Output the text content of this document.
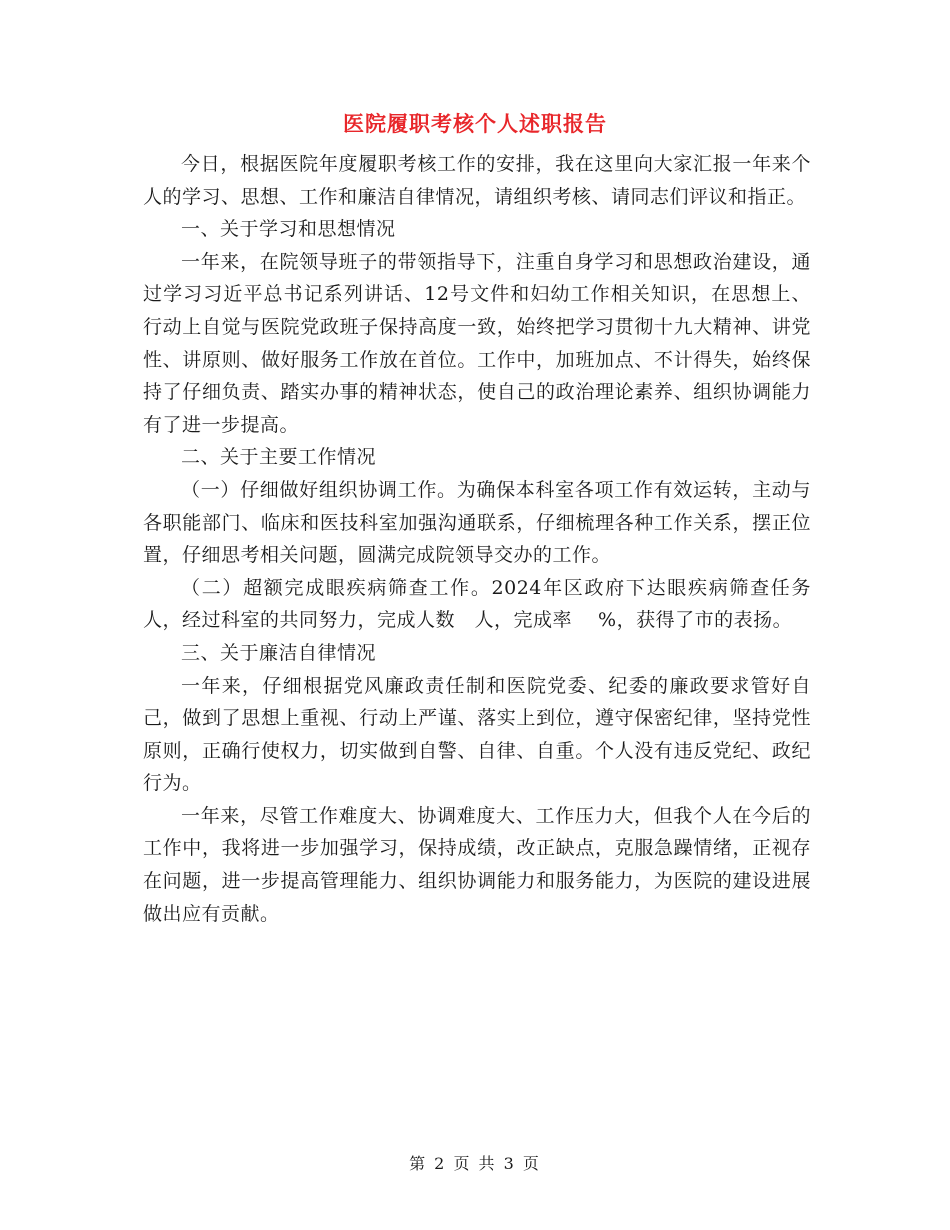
医院履职考核个人述职报告

今日，根据医院年度履职考核工作的安排，我在这里向大家汇报一年来个人的学习、思想、工作和廉洁自律情况，请组织考核、请同志们评议和指正。

一、关于学习和思想情况

一年来，在院领导班子的带领指导下，注重自身学习和思想政治建设，通过学习习近平总书记系列讲话、12号文件和妇幼工作相关知识，在思想上、行动上自觉与医院党政班子保持高度一致，始终把学习贯彻十九大精神、讲党性、讲原则、做好服务工作放在首位。工作中，加班加点、不计得失，始终保持了仔细负责、踏实办事的精神状态，使自己的政治理论素养、组织协调能力有了进一步提高。

二、关于主要工作情况

（一）仔细做好组织协调工作。为确保本科室各项工作有效运转，主动与各职能部门、临床和医技科室加强沟通联系，仔细梳理各种工作关系，摆正位置，仔细思考相关问题，圆满完成院领导交办的工作。

（二）超额完成眼疾病筛查工作。2024年区政府下达眼疾病筛查任务　 人，经过科室的共同努力，完成人数　人，完成率　 %，获得了市的表扬。

三、关于廉洁自律情况

一年来，仔细根据党风廉政责任制和医院党委、纪委的廉政要求管好自己，做到了思想上重视、行动上严谨、落实上到位，遵守保密纪律，坚持党性原则，正确行使权力，切实做到自警、自律、自重。个人没有违反党纪、政纪行为。

一年来，尽管工作难度大、协调难度大、工作压力大，但我个人在今后的工作中，我将进一步加强学习，保持成绩，改正缺点，克服急躁情绪，正视存在问题，进一步提高管理能力、组织协调能力和服务能力，为医院的建设进展做出应有贡献。

第 2 页 共 3 页
